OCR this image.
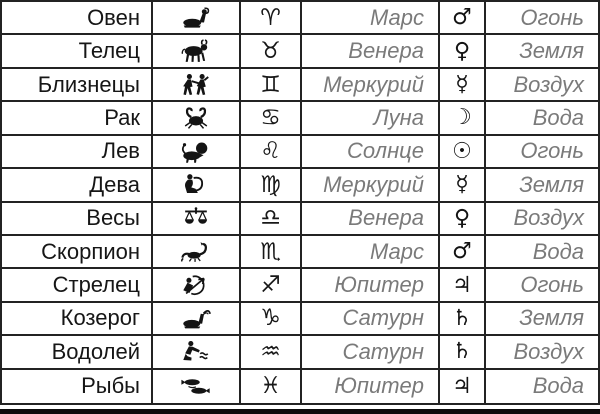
Овен	♈	Марс	♂	Огонь
Телец	♉	Венера	♀	Земля
Близнецы	♊	Меркурий	☿	Воздух
Рак	♋	Луна	☽	Вода
Лев	♌	Солнце	☉	Огонь
Дева	♍	Меркурий	☿	Земля
Весы	♎	Венера	♀	Воздух
Скорпион	♏	Марс	♂	Вода
Стрелец	♐	Юпитер	♃	Огонь
Козерог	♑	Сатурн	♄	Земля
Водолей	♒	Сатурн	♄	Воздух
Рыбы	♓	Юпитер	♃	Вода
